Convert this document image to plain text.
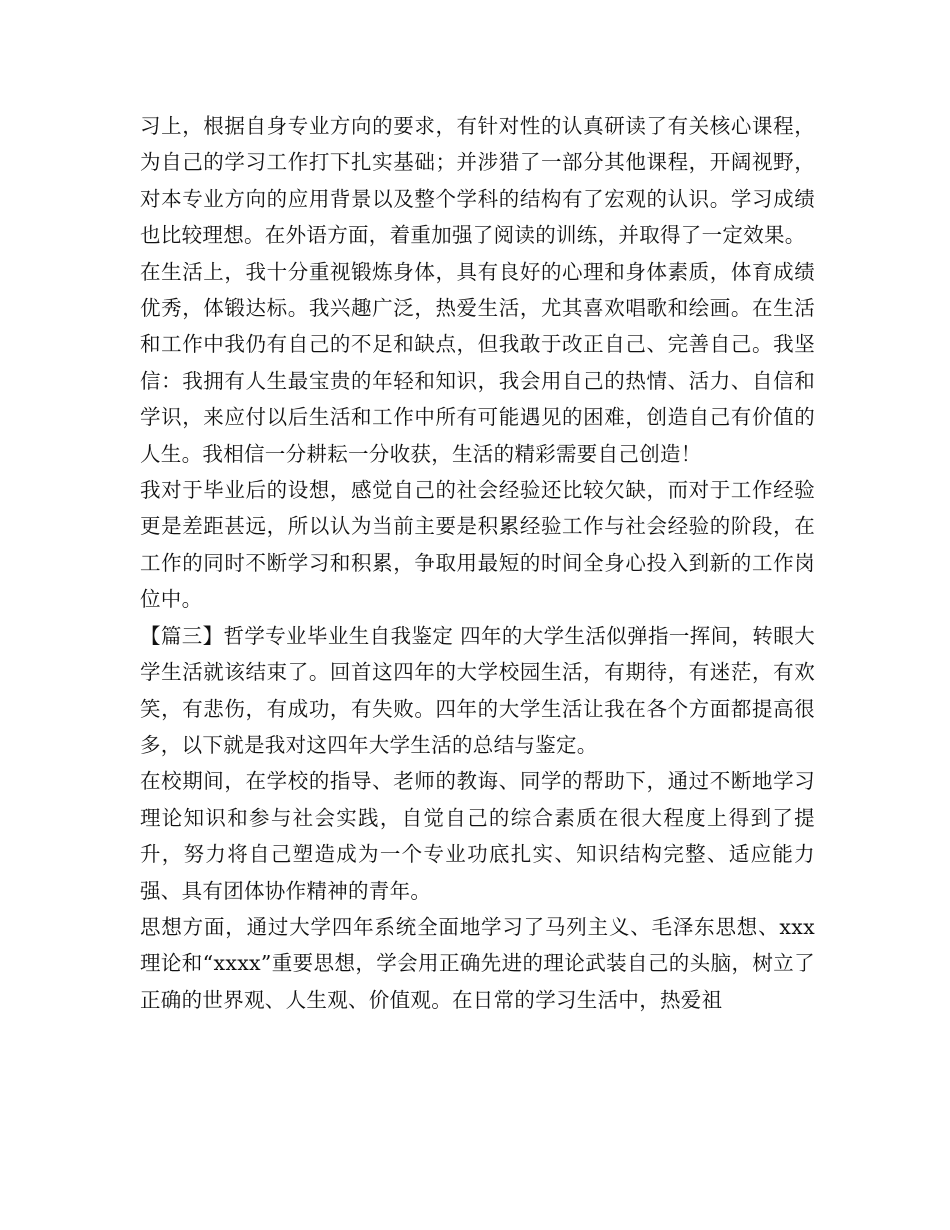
习上，根据自身专业方向的要求，有针对性的认真研读了有关核心课程，为自己的学习工作打下扎实基础；并涉猎了一部分其他课程，开阔视野，对本专业方向的应用背景以及整个学科的结构有了宏观的认识。学习成绩也比较理想。在外语方面，着重加强了阅读的训练，并取得了一定效果。

在生活上，我十分重视锻炼身体，具有良好的心理和身体素质，体育成绩优秀，体锻达标。我兴趣广泛，热爱生活，尤其喜欢唱歌和绘画。在生活和工作中我仍有自己的不足和缺点，但我敢于改正自己、完善自己。我坚信：我拥有人生最宝贵的年轻和知识，我会用自己的热情、活力、自信和学识，来应付以后生活和工作中所有可能遇见的困难，创造自己有价值的人生。我相信一分耕耘一分收获，生活的精彩需要自己创造！

我对于毕业后的设想，感觉自己的社会经验还比较欠缺，而对于工作经验更是差距甚远，所以认为当前主要是积累经验工作与社会经验的阶段，在工作的同时不断学习和积累，争取用最短的时间全身心投入到新的工作岗位中。

【篇三】哲学专业毕业生自我鉴定 四年的大学生活似弹指一挥间，转眼大学生活就该结束了。回首这四年的大学校园生活，有期待，有迷茫，有欢笑，有悲伤，有成功，有失败。四年的大学生活让我在各个方面都提高很多，以下就是我对这四年大学生活的总结与鉴定。

在校期间，在学校的指导、老师的教诲、同学的帮助下，通过不断地学习理论知识和参与社会实践，自觉自己的综合素质在很大程度上得到了提升，努力将自己塑造成为一个专业功底扎实、知识结构完整、适应能力强、具有团体协作精神的青年。

思想方面，通过大学四年系统全面地学习了马列主义、毛泽东思想、xxx 理论和“xxxx”重要思想，学会用正确先进的理论武装自己的头脑，树立了正确的世界观、人生观、价值观。在日常的学习生活中，热爱祖
